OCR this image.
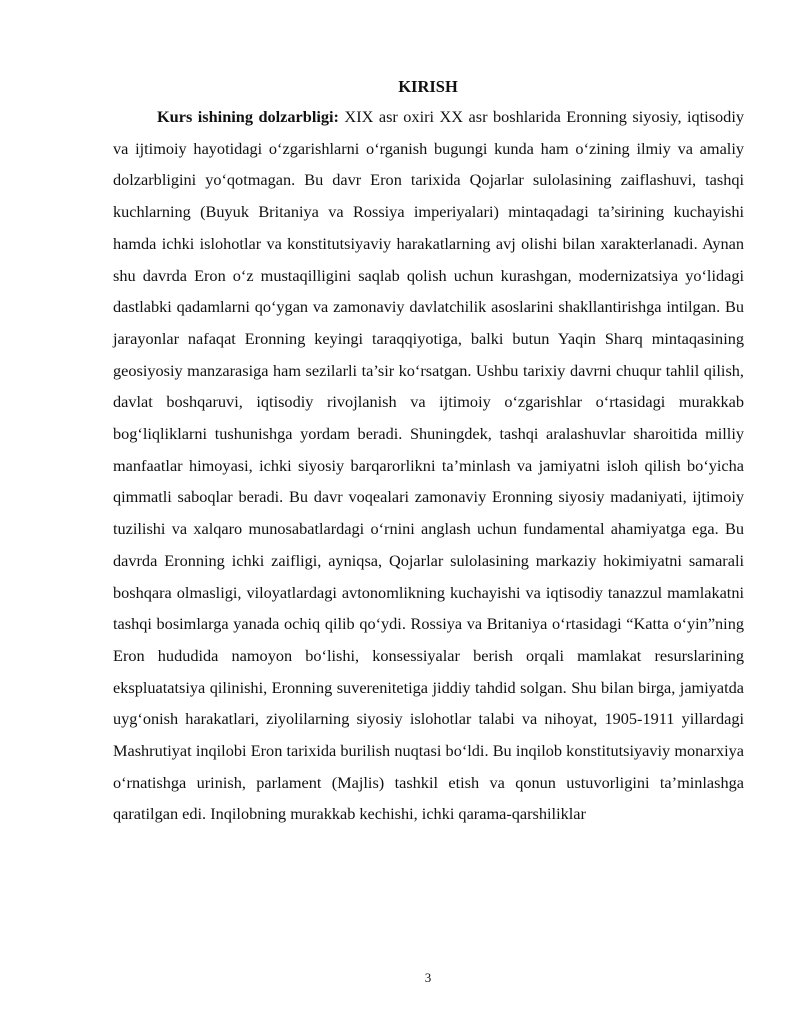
KIRISH

Kurs ishining dolzarbligi: XIX asr oxiri XX asr boshlarida Eronning siyosiy, iqtisodiy va ijtimoiy hayotidagi o‘zgarishlarni o‘rganish bugungi kunda ham o‘zining ilmiy va amaliy dolzarbligini yo‘qotmagan. Bu davr Eron tarixida Qojarlar sulolasining zaiflashuvi, tashqi kuchlarning (Buyuk Britaniya va Rossiya imperiyalari) mintaqadagi ta’sirining kuchayishi hamda ichki islohotlar va konstitutsiyaviy harakatlarning avj olishi bilan xarakterlanadi. Aynan shu davrda Eron o‘z mustaqilligini saqlab qolish uchun kurashgan, modernizatsiya yo‘lidagi dastlabki qadamlarni qo‘ygan va zamonaviy davlatchilik asoslarini shakllantirishga intilgan. Bu jarayonlar nafaqat Eronning keyingi taraqqiyotiga, balki butun Yaqin Sharq mintaqasining geosiyosiy manzarasiga ham sezilarli ta’sir ko‘rsatgan. Ushbu tarixiy davrni chuqur tahlil qilish, davlat boshqaruvi, iqtisodiy rivojlanish va ijtimoiy o‘zgarishlar o‘rtasidagi murakkab bog‘liqliklarni tushunishga yordam beradi. Shuningdek, tashqi aralashuvlar sharoitida milliy manfaatlar himoyasi, ichki siyosiy barqarorlikni ta’minlash va jamiyatni isloh qilish bo‘yicha qimmatli saboqlar beradi. Bu davr voqealari zamonaviy Eronning siyosiy madaniyati, ijtimoiy tuzilishi va xalqaro munosabatlardagi o‘rnini anglash uchun fundamental ahamiyatga ega. Bu davrda Eronning ichki zaifligi, ayniqsa, Qojarlar sulolasining markaziy hokimiyatni samarali boshqara olmasligi, viloyatlardagi avtonomlikning kuchayishi va iqtisodiy tanazzul mamlakatni tashqi bosimlarga yanada ochiq qilib qo‘ydi. Rossiya va Britaniya o‘rtasidagi “Katta o‘yin”ning Eron hududida namoyon bo‘lishi, konsessiyalar berish orqali mamlakat resurslarining ekspluatatsiya qilinishi, Eronning suverenitetiga jiddiy tahdid solgan. Shu bilan birga, jamiyatda uyg‘onish harakatlari, ziyolilarning siyosiy islohotlar talabi va nihoyat, 1905-1911 yillardagi Mashrutiyat inqilobi Eron tarixida burilish nuqtasi bo‘ldi. Bu inqilob konstitutsiyaviy monarxiya o‘rnatishga urinish, parlament (Majlis) tashkil etish va qonun ustuvorligini ta’minlashga qaratilgan edi. Inqilobning murakkab kechishi, ichki qarama-qarshiliklar

3
